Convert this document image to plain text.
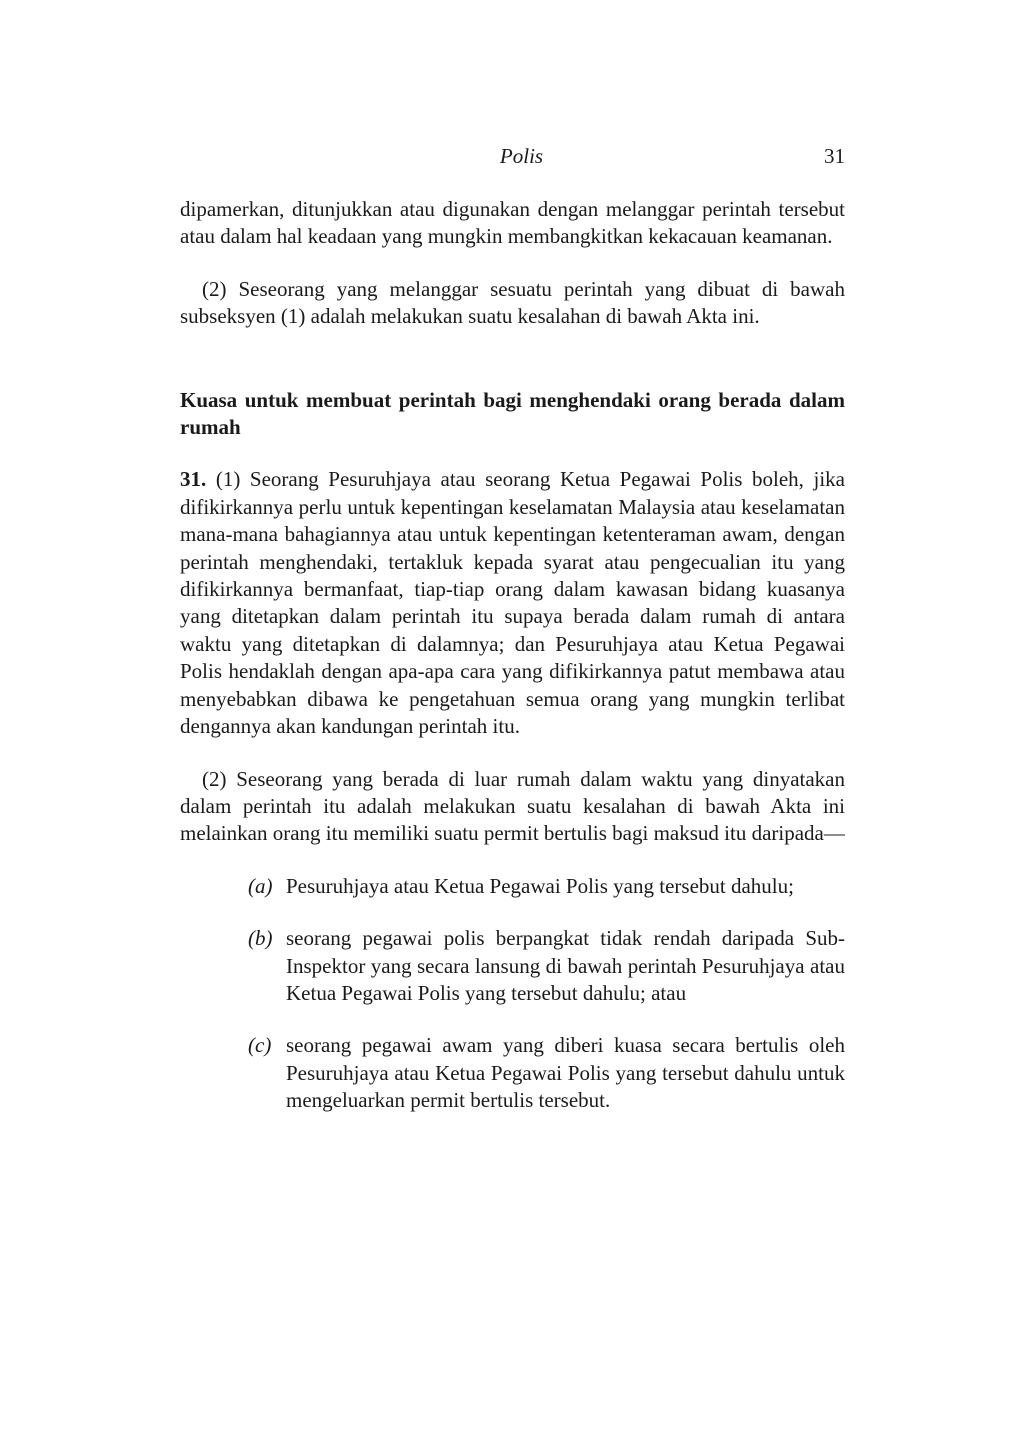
Polis	31

dipamerkan, ditunjukkan atau digunakan dengan melanggar perintah tersebut atau dalam hal keadaan yang mungkin membangkitkan kekacauan keamanan.

(2) Seseorang yang melanggar sesuatu perintah yang dibuat di bawah subseksyen (1) adalah melakukan suatu kesalahan di bawah Akta ini.

Kuasa untuk membuat perintah bagi menghendaki orang berada dalam rumah

31. (1) Seorang Pesuruhjaya atau seorang Ketua Pegawai Polis boleh, jika difikirkannya perlu untuk kepentingan keselamatan Malaysia atau keselamatan mana-mana bahagiannya atau untuk kepentingan ketenteraman awam, dengan perintah menghendaki, tertakluk kepada syarat atau pengecualian itu yang difikirkannya bermanfaat, tiap-tiap orang dalam kawasan bidang kuasanya yang ditetapkan dalam perintah itu supaya berada dalam rumah di antara waktu yang ditetapkan di dalamnya; dan Pesuruhjaya atau Ketua Pegawai Polis hendaklah dengan apa-apa cara yang difikirkannya patut membawa atau menyebabkan dibawa ke pengetahuan semua orang yang mungkin terlibat dengannya akan kandungan perintah itu.

(2) Seseorang yang berada di luar rumah dalam waktu yang dinyatakan dalam perintah itu adalah melakukan suatu kesalahan di bawah Akta ini melainkan orang itu memiliki suatu permit bertulis bagi maksud itu daripada—

(a) Pesuruhjaya atau Ketua Pegawai Polis yang tersebut dahulu;

(b) seorang pegawai polis berpangkat tidak rendah daripada Sub-Inspektor yang secara lansung di bawah perintah Pesuruhjaya atau Ketua Pegawai Polis yang tersebut dahulu; atau

(c) seorang pegawai awam yang diberi kuasa secara bertulis oleh Pesuruhjaya atau Ketua Pegawai Polis yang tersebut dahulu untuk mengeluarkan permit bertulis tersebut.
